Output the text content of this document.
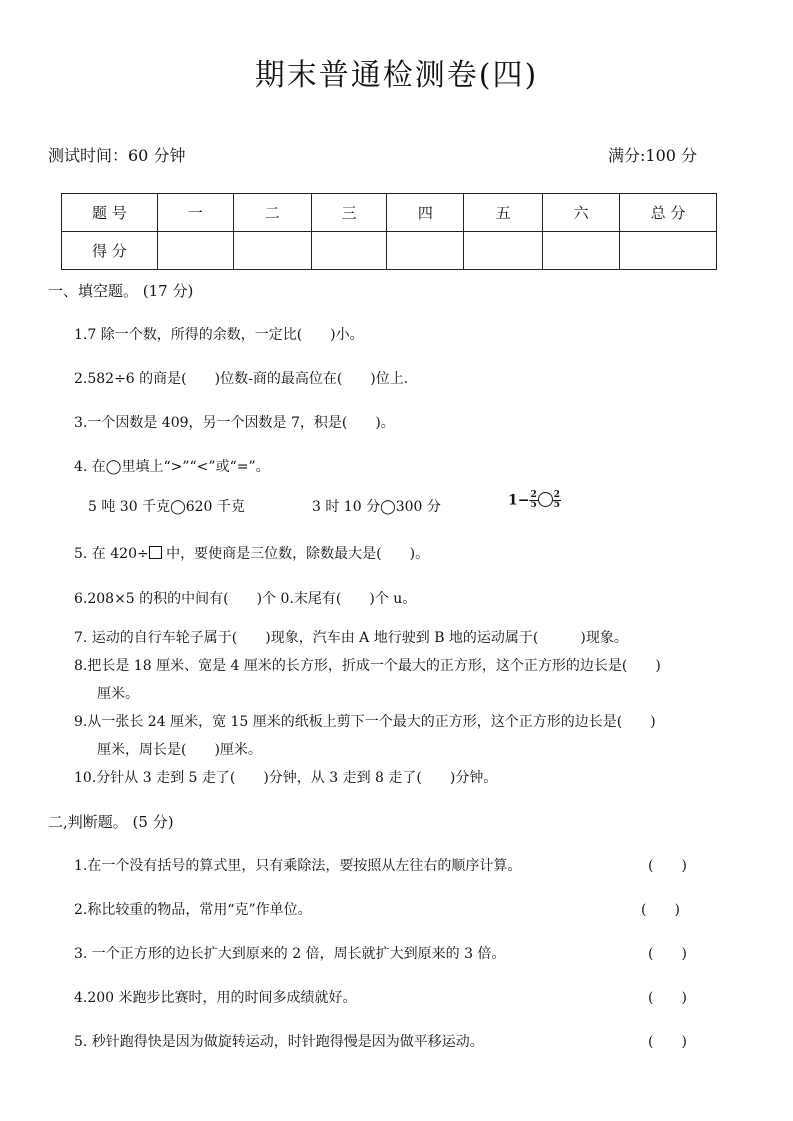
期末普通检测卷(四)
测试时间：60 分钟	满分:100 分
题 号	一	二	三	四	五	六	总 分
得 分							
一、填空题。 (17 分)
1.7 除一个数，所得的余数，一定比(　　)小。
2.582÷6 的商是(　　)位数-商的最高位在(　　)位上.
3.一个因数是 409，另一个因数是 7，积是(　　)。
4. 在◯里填上“>”“<”或“=”。
5 吨 30 千克◯620 千克	3 时 10 分◯300 分	$1- \frac{2}{5} \frac{2}{5}$
5. 在 420÷ 中，要使商是三位数，除数最大是(　　)。
6.208×5 的积的中间有(　　)个 0.末尾有(　　)个 u。
7. 运动的自行车轮子属于(　　)现象，汽车由 A 地行驶到 B 地的运动属于(　　　)现象。
8.把长是 18 厘米、宽是 4 厘米的长方形，折成一个最大的正方形，这个正方形的边长是(　　)
厘米。
9.从一张长 24 厘米，宽 15 厘米的纸板上剪下一个最大的正方形，这个正方形的边长是(　　)
厘米，周长是(　　)厘米。
10.分针从 3 走到 5 走了(　　)分钟，从 3 走到 8 走了(　　)分钟。
二,判断题。 (5 分)
1.在一个没有括号的算式里，只有乘除法，要按照从左往右的顺序计算。	(　　)
2.称比较重的物品，常用“克”作单位。	(　　)
3. 一个正方形的边长扩大到原来的 2 倍，周长就扩大到原来的 3 倍。	(　　)
4.200 米跑步比赛时，用的时间多成绩就好。	(　　)
5. 秒针跑得快是因为做旋转运动，时针跑得慢是因为做平移运动。	(　　)
